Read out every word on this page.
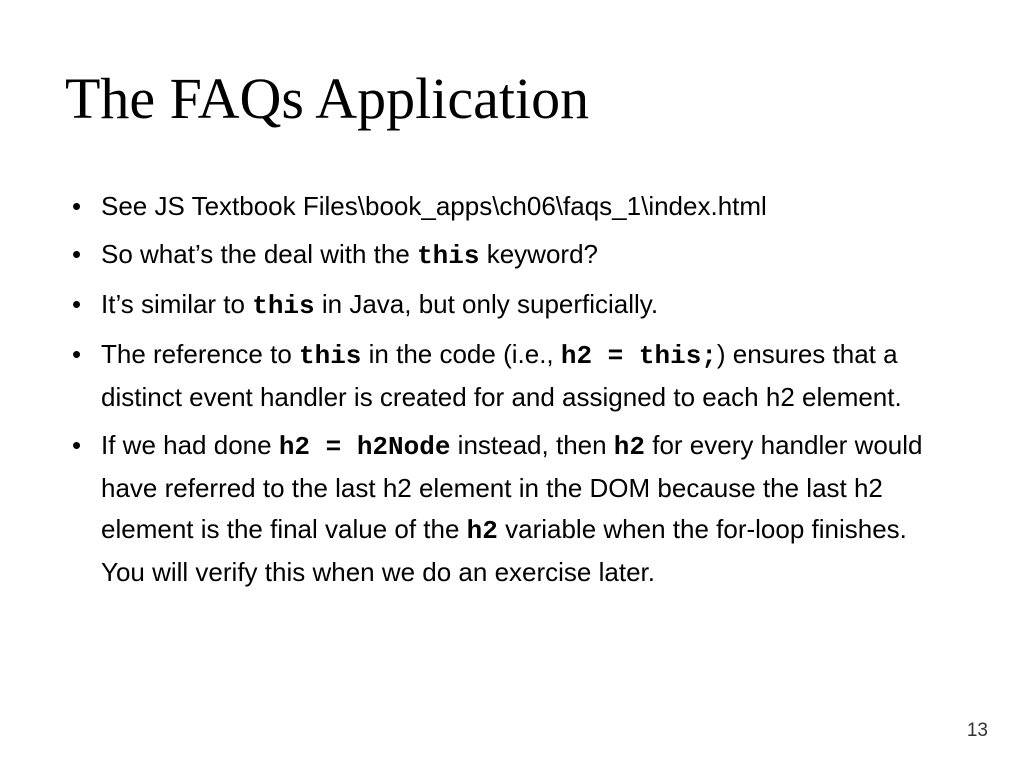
The FAQs Application
• See JS Textbook Files\book_apps\ch06\faqs_1\index.html
• So what’s the deal with the this keyword?
• It’s similar to this in Java, but only superficially.
• The reference to this in the code (i.e., h2 = this;) ensures that a distinct event handler is created for and assigned to each h2 element.
• If we had done h2 = h2Node instead, then h2 for every handler would have referred to the last h2 element in the DOM because the last h2 element is the final value of the h2 variable when the for-loop finishes. You will verify this when we do an exercise later.
13
